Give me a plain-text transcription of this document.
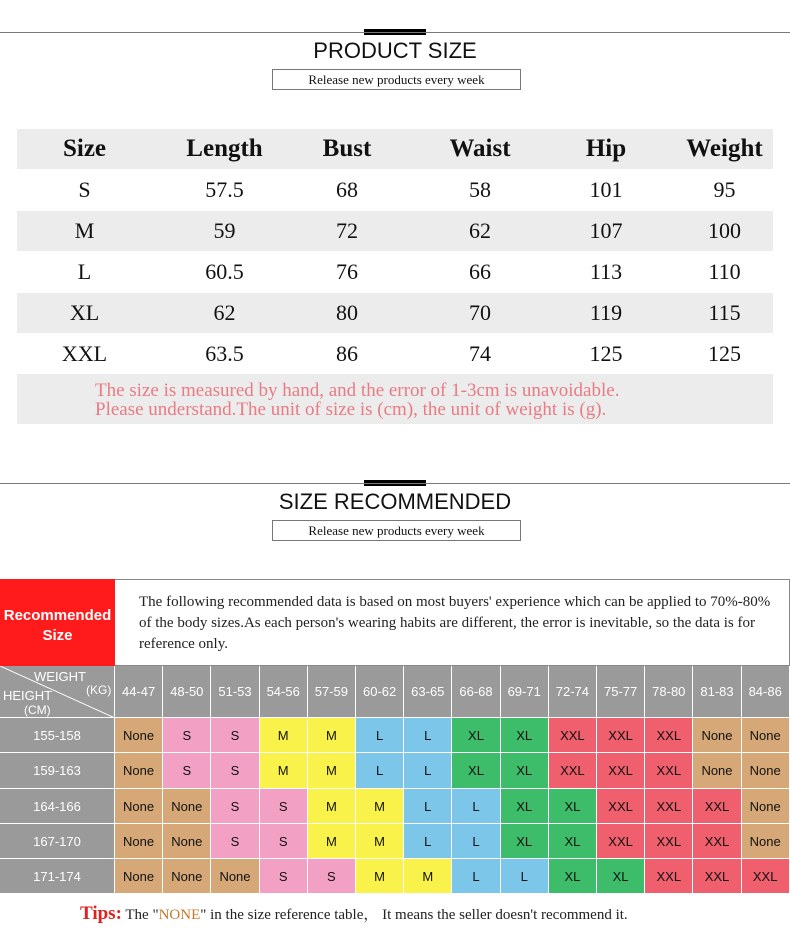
PRODUCT SIZE
Release new products every week
Size	Length	Bust	Waist	Hip	Weight
S	57.5	68	58	101	95
M	59	72	62	107	100
L	60.5	76	66	113	110
XL	62	80	70	119	115
XXL	63.5	86	74	125	125
The size is measured by hand, and the error of 1-3cm is unavoidable.
Please understand.The unit of size is (cm), the unit of weight is (g).
SIZE RECOMMENDED
Release new products every week
Recommended
Size
The following recommended data is based on most buyers' experience which can be applied to 70%-80% of the body sizes.As each person's wearing habits are different, the error is inevitable, so the data is for reference only.
WEIGHT
(KG)
HEIGHT
(CM)
44-47	48-50	51-53	54-56	57-59	60-62	63-65	66-68	69-71	72-74	75-77	78-80	81-83	84-86
155-158	None	S	S	M	M	L	L	XL	XL	XXL	XXL	XXL	None	None
159-163	None	S	S	M	M	L	L	XL	XL	XXL	XXL	XXL	None	None
164-166	None	None	S	S	M	M	L	L	XL	XL	XXL	XXL	XXL	None
167-170	None	None	S	S	M	M	L	L	XL	XL	XXL	XXL	XXL	None
171-174	None	None	None	S	S	M	M	L	L	XL	XL	XXL	XXL	XXL
Tips: The "NONE" in the size reference table， It means the seller doesn't recommend it.
